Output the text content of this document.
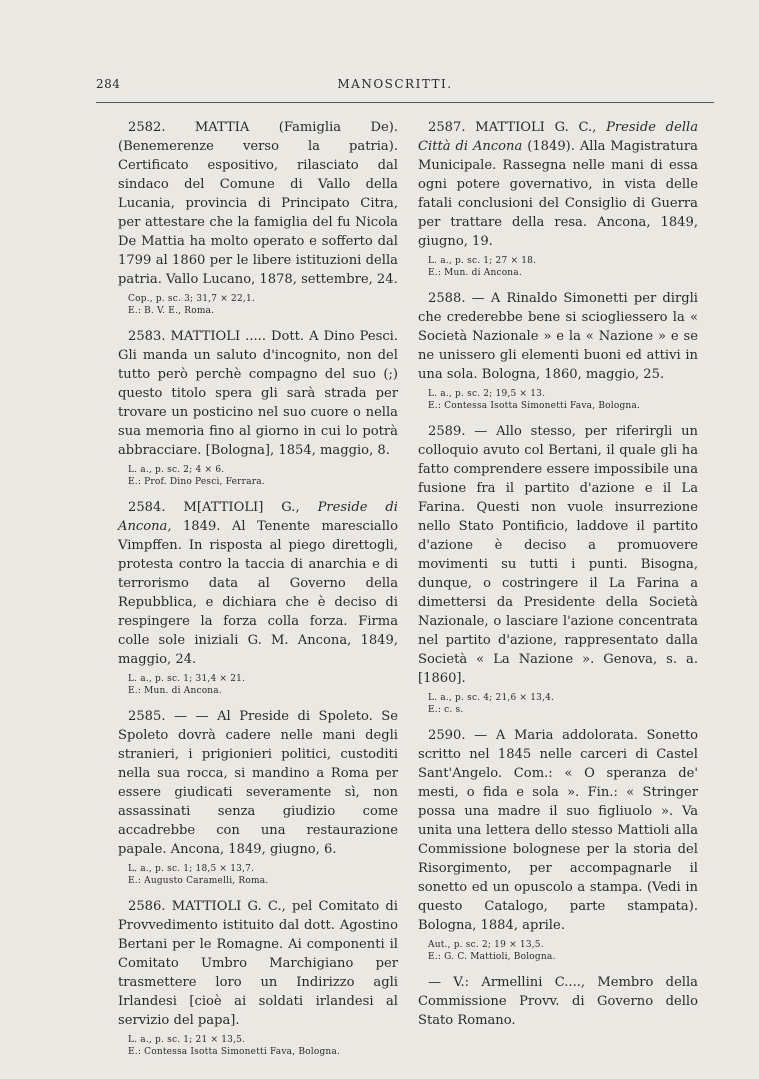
284	MANOSCRITTI.

2582. MATTIA (Famiglia De). (Benemerenze verso la patria). Certificato espositivo, rilasciato dal sindaco del Comune di Vallo della Lucania, provincia di Principato Citra, per attestare che la famiglia del fu Nicola De Mattia ha molto operato e sofferto dal 1799 al 1860 per le libere istituzioni della patria. Vallo Lucano, 1878, settembre, 24.

Cop., p. sc. 3; 31,7 × 22,1.
E.: B. V. E., Roma.

2583. MATTIOLI ..... Dott. A Dino Pesci. Gli manda un saluto d'incognito, non del tutto però perchè compagno del suo (;) questo titolo spera gli sarà strada per trovare un posticino nel suo cuore o nella sua memoria fino al giorno in cui lo potrà abbracciare. [Bologna], 1854, maggio, 8.

L. a., p. sc. 2; 4 × 6.
E.: Prof. Dino Pesci, Ferrara.

2584. M[ATTIOLI] G., Preside di Ancona, 1849. Al Tenente maresciallo Vimpffen. In risposta al piego direttogli, protesta contro la taccia di anarchia e di terrorismo data al Governo della Repubblica, e dichiara che è deciso di respingere la forza colla forza. Firma colle sole iniziali G. M. Ancona, 1849, maggio, 24.

L. a., p. sc. 1; 31,4 × 21.
E.: Mun. di Ancona.

2585. — — Al Preside di Spoleto. Se Spoleto dovrà cadere nelle mani degli stranieri, i prigionieri politici, custoditi nella sua rocca, si mandino a Roma per essere giudicati severamente sì, non assassinati senza giudizio come accadrebbe con una restaurazione papale. Ancona, 1849, giugno, 6.

L. a., p. sc. 1; 18,5 × 13,7.
E.: Augusto Caramelli, Roma.

2586. MATTIOLI G. C., pel Comitato di Provvedimento istituito dal dott. Agostino Bertani per le Romagne. Ai componenti il Comitato Umbro Marchigiano per trasmettere loro un Indirizzo agli Irlandesi [cioè ai soldati irlandesi al servizio del papa].

L. a., p. sc. 1; 21 × 13,5.
E.: Contessa Isotta Simonetti Fava, Bologna.

2587. MATTIOLI G. C., Preside della Città di Ancona (1849). Alla Magistratura Municipale. Rassegna nelle mani di essa ogni potere governativo, in vista delle fatali conclusioni del Consiglio di Guerra per trattare della resa. Ancona, 1849, giugno, 19.

L. a., p. sc. 1; 27 × 18.
E.: Mun. di Ancona.

2588. — A Rinaldo Simonetti per dirgli che crederebbe bene si sciogliessero la « Società Nazionale » e la « Nazione » e se ne unissero gli elementi buoni ed attivi in una sola. Bologna, 1860, maggio, 25.

L. a., p. sc. 2; 19,5 × 13.
E.: Contessa Isotta Simonetti Fava, Bologna.

2589. — Allo stesso, per riferirgli un colloquio avuto col Bertani, il quale gli ha fatto comprendere essere impossibile una fusione fra il partito d'azione e il La Farina. Questi non vuole insurrezione nello Stato Pontificio, laddove il partito d'azione è deciso a promuovere movimenti su tutti i punti. Bisogna, dunque, o costringere il La Farina a dimettersi da Presidente della Società Nazionale, o lasciare l'azione concentrata nel partito d'azione, rappresentato dalla Società « La Nazione ». Genova, s. a. [1860].

L. a., p. sc. 4; 21,6 × 13,4.
E.: c. s.

2590. — A Maria addolorata. Sonetto scritto nel 1845 nelle carceri di Castel Sant'Angelo. Com.: « O speranza de' mesti, o fida e sola ». Fin.: « Stringer possa una madre il suo figliuolo ». Va unita una lettera dello stesso Mattioli alla Commissione bolognese per la storia del Risorgimento, per accompagnarle il sonetto ed un opuscolo a stampa. (Vedi in questo Catalogo, parte stampata). Bologna, 1884, aprile.

Aut., p. sc. 2; 19 × 13,5.
E.: G. C. Mattioli, Bologna.

— V.: Armellini C...., Membro della Commissione Provv. di Governo dello Stato Romano.
